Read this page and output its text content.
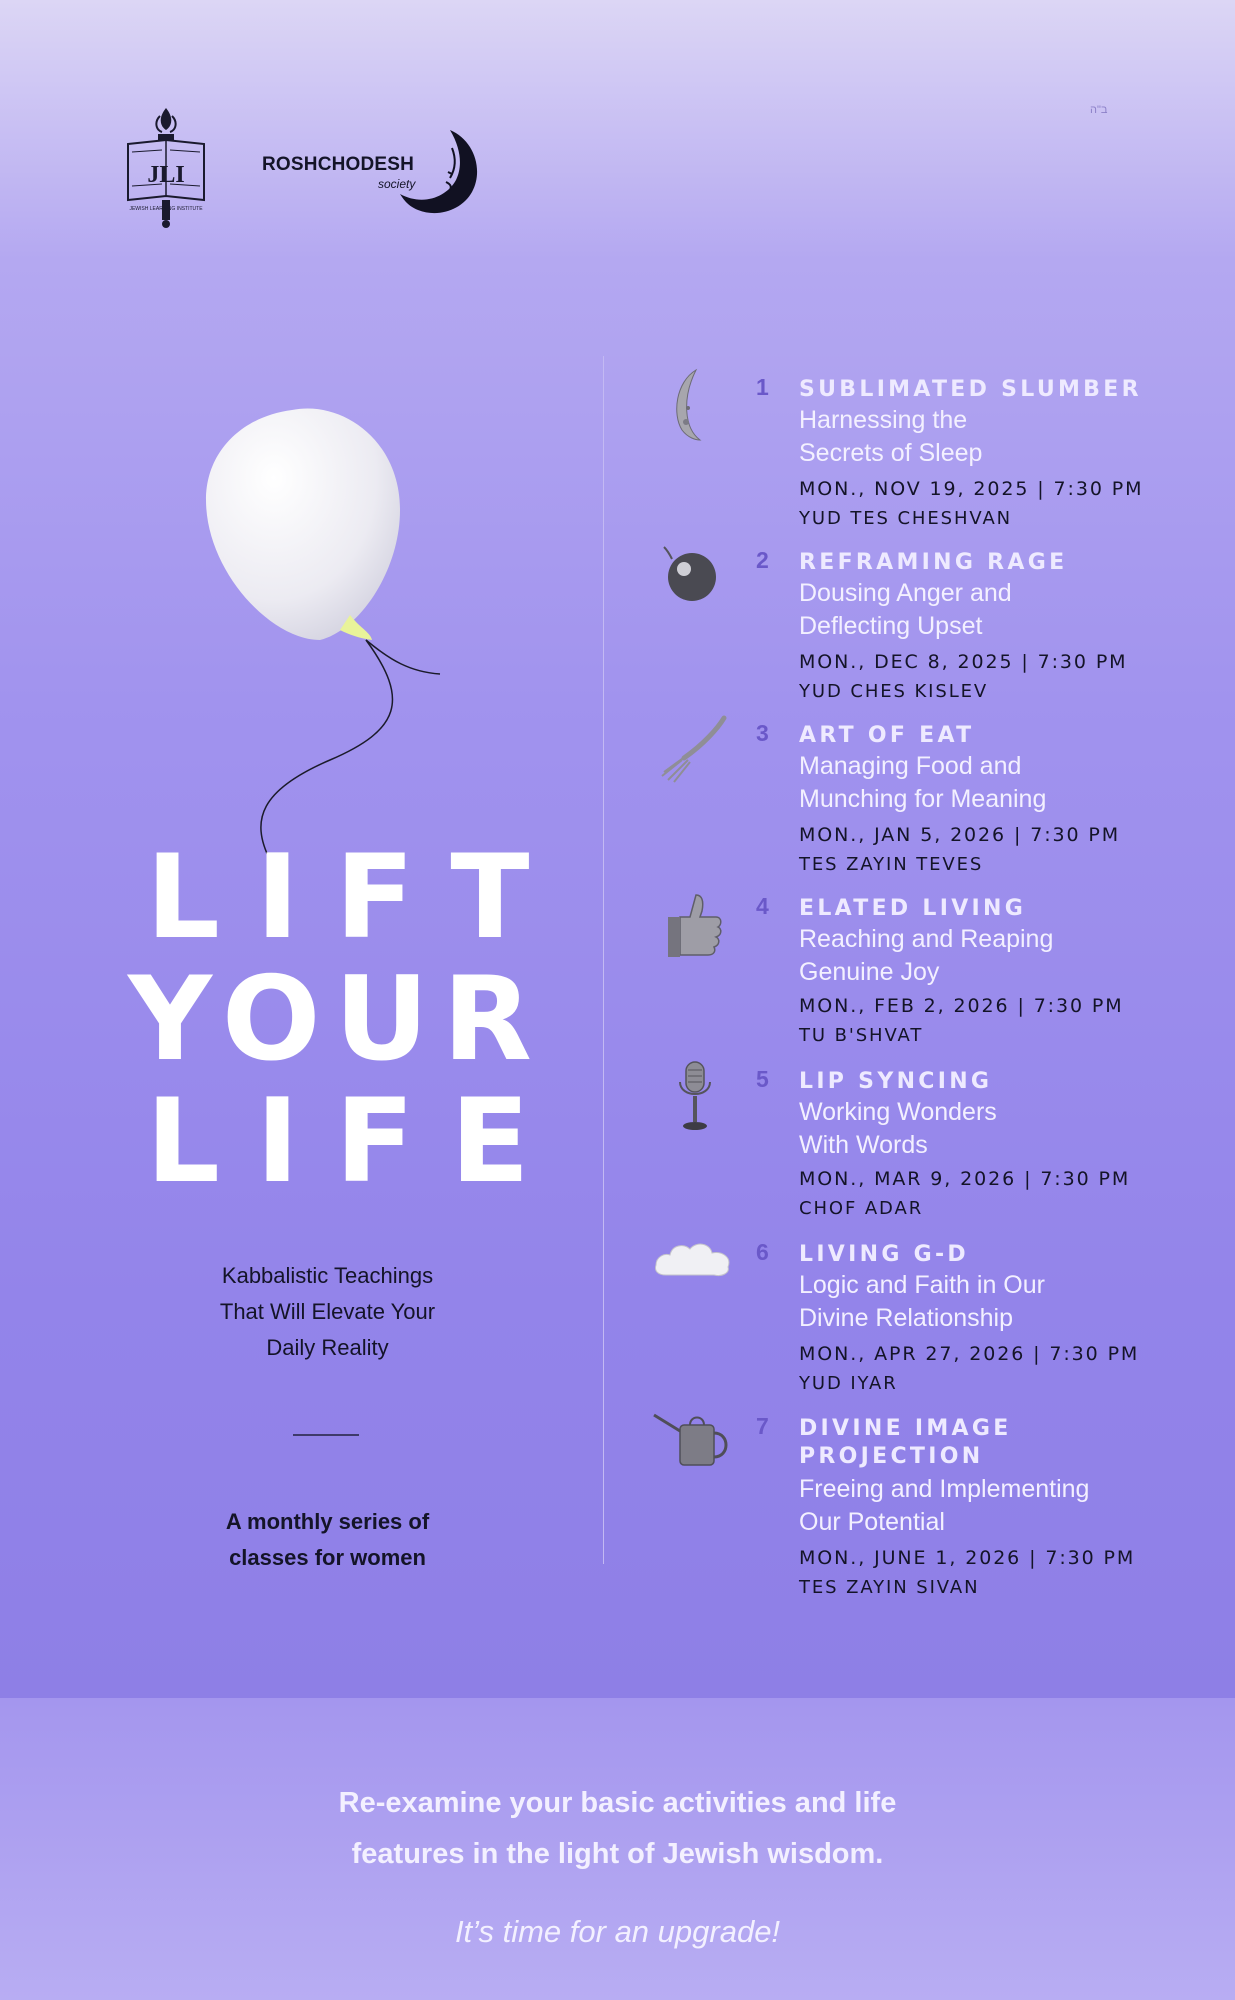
ב"ה
JLI
JEWISH LEARNING INSTITUTE
ROSHCHODESH
society
LIFT
YOUR
LIFE
Kabbalistic Teachings
That Will Elevate Your
Daily Reality
A monthly series of
classes for women
1 SUBLIMATED SLUMBER
Harnessing the
Secrets of Sleep
MON., NOV 19, 2025 | 7:30 PM
YUD TES CHESHVAN
2 REFRAMING RAGE
Dousing Anger and
Deflecting Upset
MON., DEC 8, 2025 | 7:30 PM
YUD CHES KISLEV
3 ART OF EAT
Managing Food and
Munching for Meaning
MON., JAN 5, 2026 | 7:30 PM
TES ZAYIN TEVES
4 ELATED LIVING
Reaching and Reaping
Genuine Joy
MON., FEB 2, 2026 | 7:30 PM
TU B'SHVAT
5 LIP SYNCING
Working Wonders
With Words
MON., MAR 9, 2026 | 7:30 PM
CHOF ADAR
6 LIVING G-D
Logic and Faith in Our
Divine Relationship
MON., APR 27, 2026 | 7:30 PM
YUD IYAR
7 DIVINE IMAGE
PROJECTION
Freeing and Implementing
Our Potential
MON., JUNE 1, 2026 | 7:30 PM
TES ZAYIN SIVAN
Re-examine your basic activities and life
features in the light of Jewish wisdom.
It’s time for an upgrade!
